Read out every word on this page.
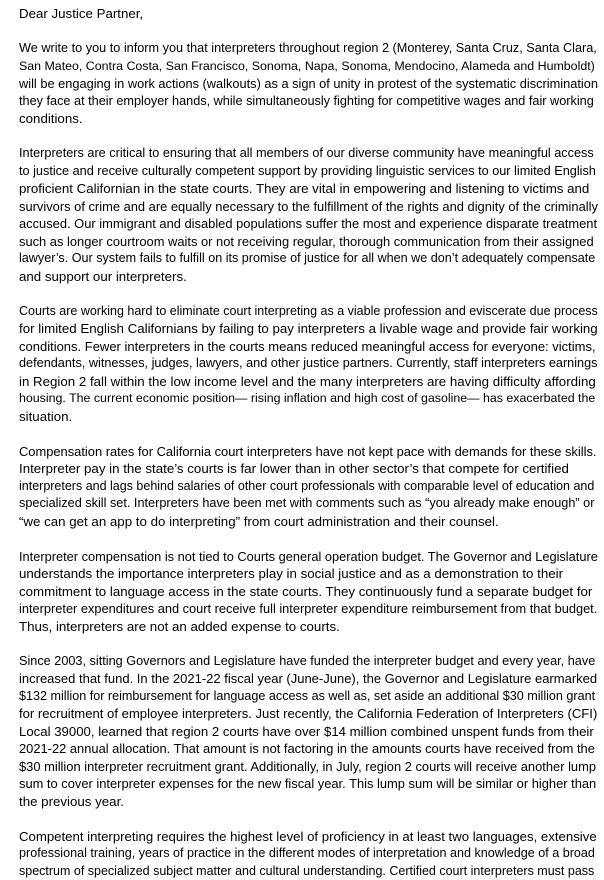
Dear Justice Partner,

We write to you to inform you that interpreters throughout region 2 (Monterey, Santa Cruz, Santa Clara,
San Mateo, Contra Costa, San Francisco, Sonoma, Napa, Sonoma, Mendocino, Alameda and Humboldt)
will be engaging in work actions (walkouts) as a sign of unity in protest of the systematic discrimination
they face at their employer hands, while simultaneously fighting for competitive wages and fair working
conditions.

Interpreters are critical to ensuring that all members of our diverse community have meaningful access
to justice and receive culturally competent support by providing linguistic services to our limited English
proficient Californian in the state courts. They are vital in empowering and listening to victims and
survivors of crime and are equally necessary to the fulfillment of the rights and dignity of the criminally
accused. Our immigrant and disabled populations suffer the most and experience disparate treatment
such as longer courtroom waits or not receiving regular, thorough communication from their assigned
lawyer’s. Our system fails to fulfill on its promise of justice for all when we don’t adequately compensate
and support our interpreters.

Courts are working hard to eliminate court interpreting as a viable profession and eviscerate due process
for limited English Californians by failing to pay interpreters a livable wage and provide fair working
conditions. Fewer interpreters in the courts means reduced meaningful access for everyone: victims,
defendants, witnesses, judges, lawyers, and other justice partners. Currently, staff interpreters earnings
in Region 2 fall within the low income level and the many interpreters are having difficulty affording
housing. The current economic position— rising inflation and high cost of gasoline— has exacerbated the
situation.

Compensation rates for California court interpreters have not kept pace with demands for these skills.
Interpreter pay in the state’s courts is far lower than in other sector’s that compete for certified
interpreters and lags behind salaries of other court professionals with comparable level of education and
specialized skill set. Interpreters have been met with comments such as “you already make enough” or
“we can get an app to do interpreting” from court administration and their counsel.

Interpreter compensation is not tied to Courts general operation budget. The Governor and Legislature
understands the importance interpreters play in social justice and as a demonstration to their
commitment to language access in the state courts. They continuously fund a separate budget for
interpreter expenditures and court receive full interpreter expenditure reimbursement from that budget.
Thus, interpreters are not an added expense to courts.

Since 2003, sitting Governors and Legislature have funded the interpreter budget and every year, have
increased that fund. In the 2021-22 fiscal year (June-June), the Governor and Legislature earmarked
$132 million for reimbursement for language access as well as, set aside an additional $30 million grant
for recruitment of employee interpreters. Just recently, the California Federation of Interpreters (CFI)
Local 39000, learned that region 2 courts have over $14 million combined unspent funds from their
2021-22 annual allocation. That amount is not factoring in the amounts courts have received from the
$30 million interpreter recruitment grant. Additionally, in July, region 2 courts will receive another lump
sum to cover interpreter expenses for the new fiscal year. This lump sum will be similar or higher than
the previous year.

Competent interpreting requires the highest level of proficiency in at least two languages, extensive
professional training, years of practice in the different modes of interpretation and knowledge of a broad
spectrum of specialized subject matter and cultural understanding. Certified court interpreters must pass
